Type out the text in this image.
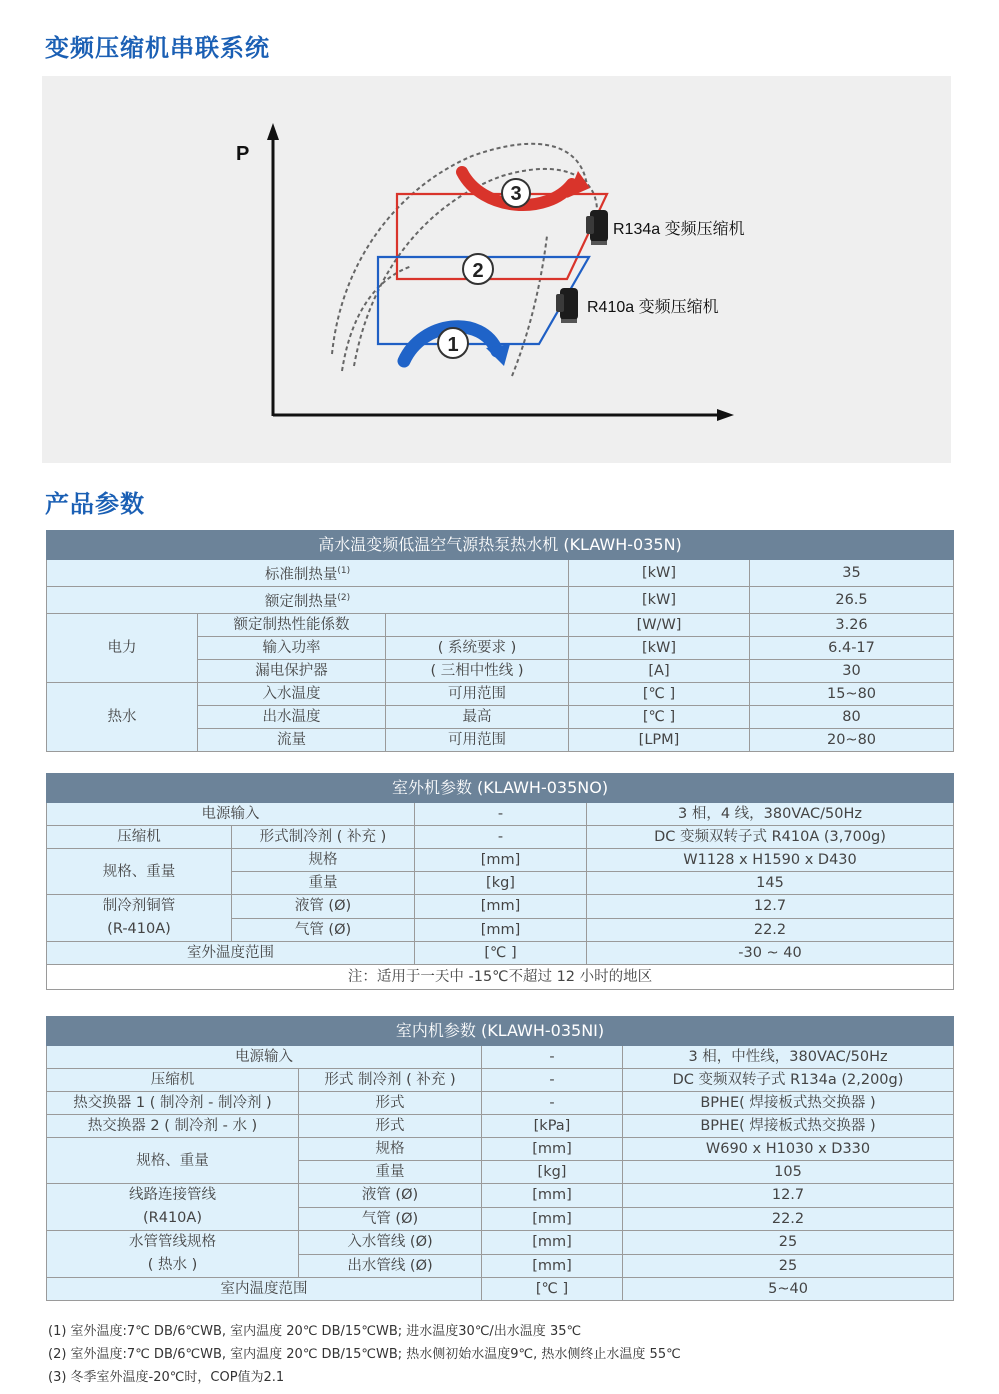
变频压缩机串联系统
P
3
2
1
R134a 变频压缩机
R410a 变频压缩机
产品参数
高水温变频低温空气源热泵热水机 (KLAWH-035N)				
标准制热量$^{(1)}$			[kW]	35
额定制热量$^{(2)}$			[kW]	26.5
电力	额定制热性能係数		[W/W]	3.26
	输入功率	( 系统要求 )	[kW]	6.4-17
	漏电保护器	( 三相中性线 )	[A]	30
热水	入水温度	可用范围	[℃ ]	15~80
	出水温度	最高	[℃ ]	80
	流量	可用范围	[LPM]	20~80
室外机参数 (KLAWH-035NO)			
电源输入		-	3 相，4 线，380VAC/50Hz
压缩机	形式制冷剂 ( 补充 )	-	DC 变频双转子式 R410A (3,700g)
规格、重量	规格	[mm]	W1128 x H1590 x D430
	重量	[kg]	145

制冷剂铜管
(R-410A)	液管 (Ø)	[mm]	12.7
	气管 (Ø)	[mm]	22.2
室外温度范围		[℃ ]	-30 ~ 40
注：适用于一天中 -15℃不超过 12 小时的地区			
室内机参数 (KLAWH-035NI)			
电源输入		-	3 相，中性线，380VAC/50Hz
压缩机	形式 制冷剂 ( 补充 )	-	DC 变频双转子式 R134a (2,200g)
热交换器 1 ( 制冷剂 - 制冷剂 )	形式	-	BPHE( 焊接板式热交换器 )
热交换器 2 ( 制冷剂 - 水 )	形式	[kPa]	BPHE( 焊接板式热交换器 )
规格、重量	规格	[mm]	W690 x H1030 x D330
	重量	[kg]	105

线路连接管线
(R410A)	液管 (Ø)	[mm]	12.7
	气管 (Ø)	[mm]	22.2

水管管线规格
( 热水 )	入水管线 (Ø)	[mm]	25
	出水管线 (Ø)	[mm]	25
室内温度范围		[℃ ]	5~40
(1) 室外温度:7℃ DB/6℃WB, 室内温度 20℃ DB/15℃WB; 进水温度30℃/出水温度 35℃
(2) 室外温度:7℃ DB/6℃WB, 室内温度 20℃ DB/15℃WB; 热水侧初始水温度9℃, 热水侧终止水温度 55℃
(3) 冬季室外温度-20℃时，COP值为2.1
